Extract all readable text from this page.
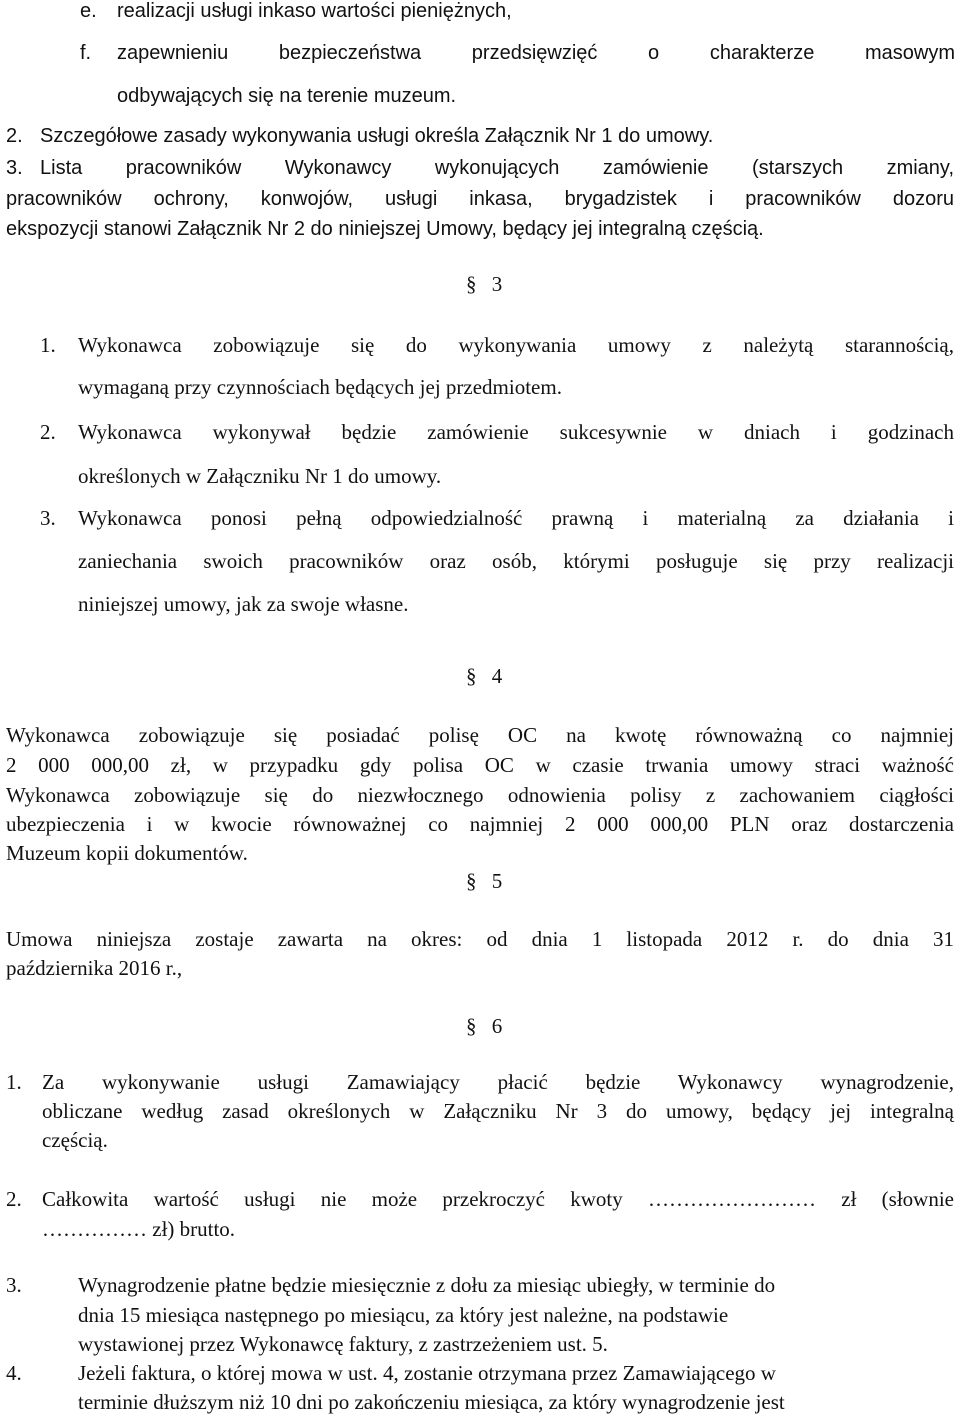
e. realizacji usługi inkaso wartości pieniężnych,
f. zapewnieniu bezpieczeństwa przedsięwzięć o charakterze masowym
odbywających się na terenie muzeum.
2. Szczegółowe zasady wykonywania usługi określa Załącznik Nr 1 do umowy.
3. Lista pracowników Wykonawcy wykonujących zamówienie (starszych zmiany,
pracowników ochrony, konwojów, usługi inkasa, brygadzistek i pracowników dozoru
ekspozycji stanowi Załącznik Nr 2 do niniejszej Umowy, będący jej integralną częścią.
§ 3
1. Wykonawca zobowiązuje się do wykonywania umowy z należytą starannością,
wymaganą przy czynnościach będących jej przedmiotem.
2. Wykonawca wykonywał będzie zamówienie sukcesywnie w dniach i godzinach
określonych w Załączniku Nr 1 do umowy.
3. Wykonawca ponosi pełną odpowiedzialność prawną i materialną za działania i
zaniechania swoich pracowników oraz osób, którymi posługuje się przy realizacji
niniejszej umowy, jak za swoje własne.
§ 4
Wykonawca zobowiązuje się posiadać polisę OC na kwotę równoważną co najmniej
2 000 000,00 zł, w przypadku gdy polisa OC w czasie trwania umowy straci ważność
Wykonawca zobowiązuje się do niezwłocznego odnowienia polisy z zachowaniem ciągłości
ubezpieczenia i w kwocie równoważnej co najmniej 2 000 000,00 PLN oraz dostarczenia
Muzeum kopii dokumentów.
§ 5
Umowa niniejsza zostaje zawarta na okres: od dnia 1 listopada 2012 r. do dnia 31
października 2016 r.,
§ 6
1. Za wykonywanie usługi Zamawiający płacić będzie Wykonawcy wynagrodzenie,
obliczane według zasad określonych w Załączniku Nr 3 do umowy, będący jej integralną
częścią.
2. Całkowita wartość usługi nie może przekroczyć kwoty …………………… zł (słownie
…………… zł) brutto.
3.	Wynagrodzenie płatne będzie miesięcznie z dołu za miesiąc ubiegły, w terminie do
dnia 15 miesiąca następnego po miesiącu, za który jest należne, na podstawie
wystawionej przez Wykonawcę faktury, z zastrzeżeniem ust. 5.
4.	Jeżeli faktura, o której mowa w ust. 4, zostanie otrzymana przez Zamawiającego w
terminie dłuższym niż 10 dni po zakończeniu miesiąca, za który wynagrodzenie jest
